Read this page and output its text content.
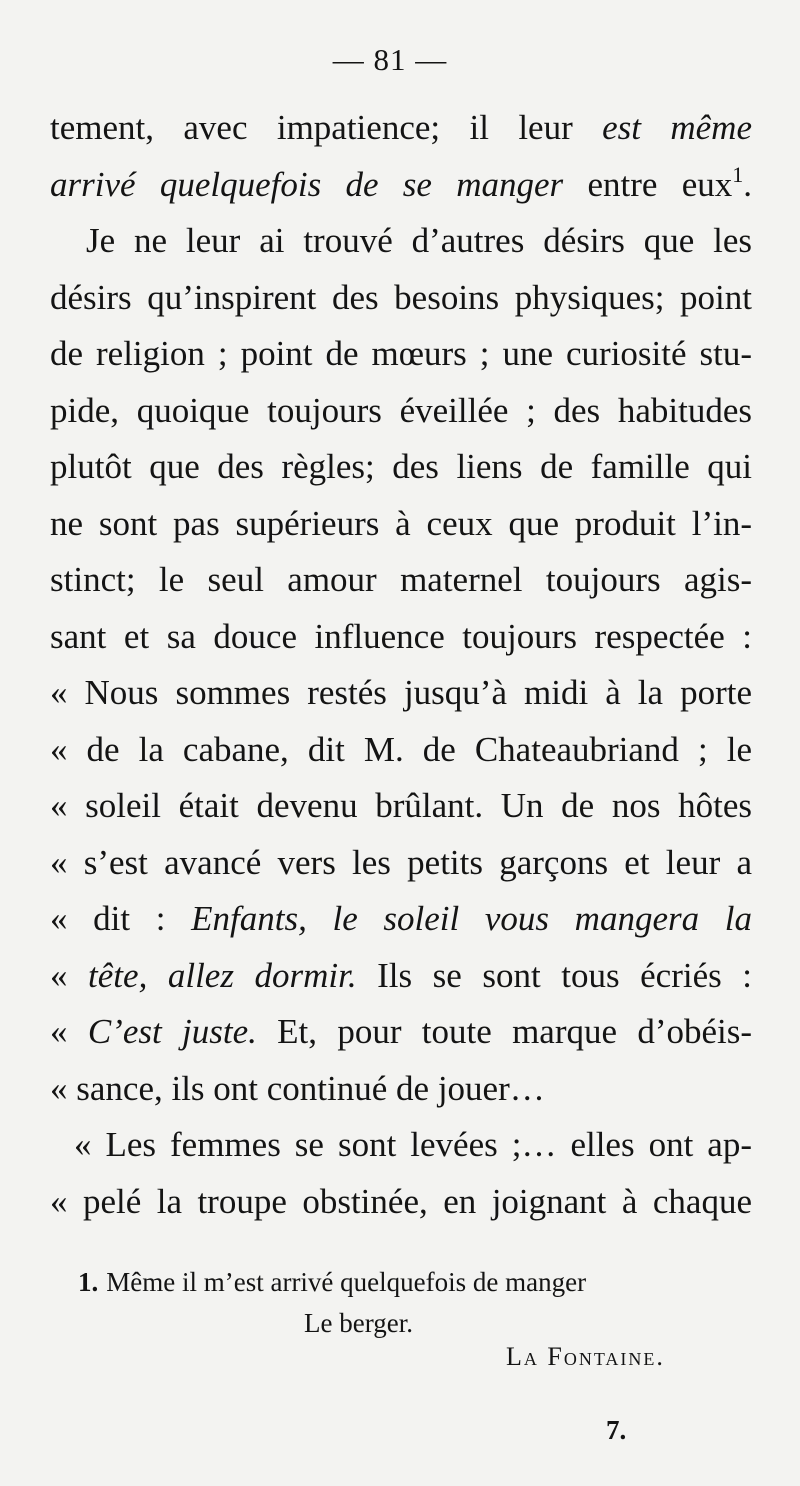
— 81 —
tement, avec impatience; il leur est même
arrivé quelquefois de se manger entre eux$^1$.
Je ne leur ai trouvé d’autres désirs que les
désirs qu’inspirent des besoins physiques; point
de religion ; point de mœurs ; une curiosité stu-
pide, quoique toujours éveillée ; des habitudes
plutôt que des règles; des liens de famille qui
ne sont pas supérieurs à ceux que produit l’in-
stinct; le seul amour maternel toujours agis-
sant et sa douce influence toujours respectée :
« Nous sommes restés jusqu’à midi à la porte
« de la cabane, dit M. de Chateaubriand ; le
« soleil était devenu brûlant. Un de nos hôtes
« s’est avancé vers les petits garçons et leur a
« dit : Enfants, le soleil vous mangera la
« tête, allez dormir. Ils se sont tous écriés :
« C’est juste. Et, pour toute marque d’obéis-
« sance, ils ont continué de jouer…
« Les femmes se sont levées ;… elles ont ap-
« pelé la troupe obstinée, en joignant à chaque
1. Même il m’est arrivé quelquefois de manger
Le berger.
La Fontaine.
7.
